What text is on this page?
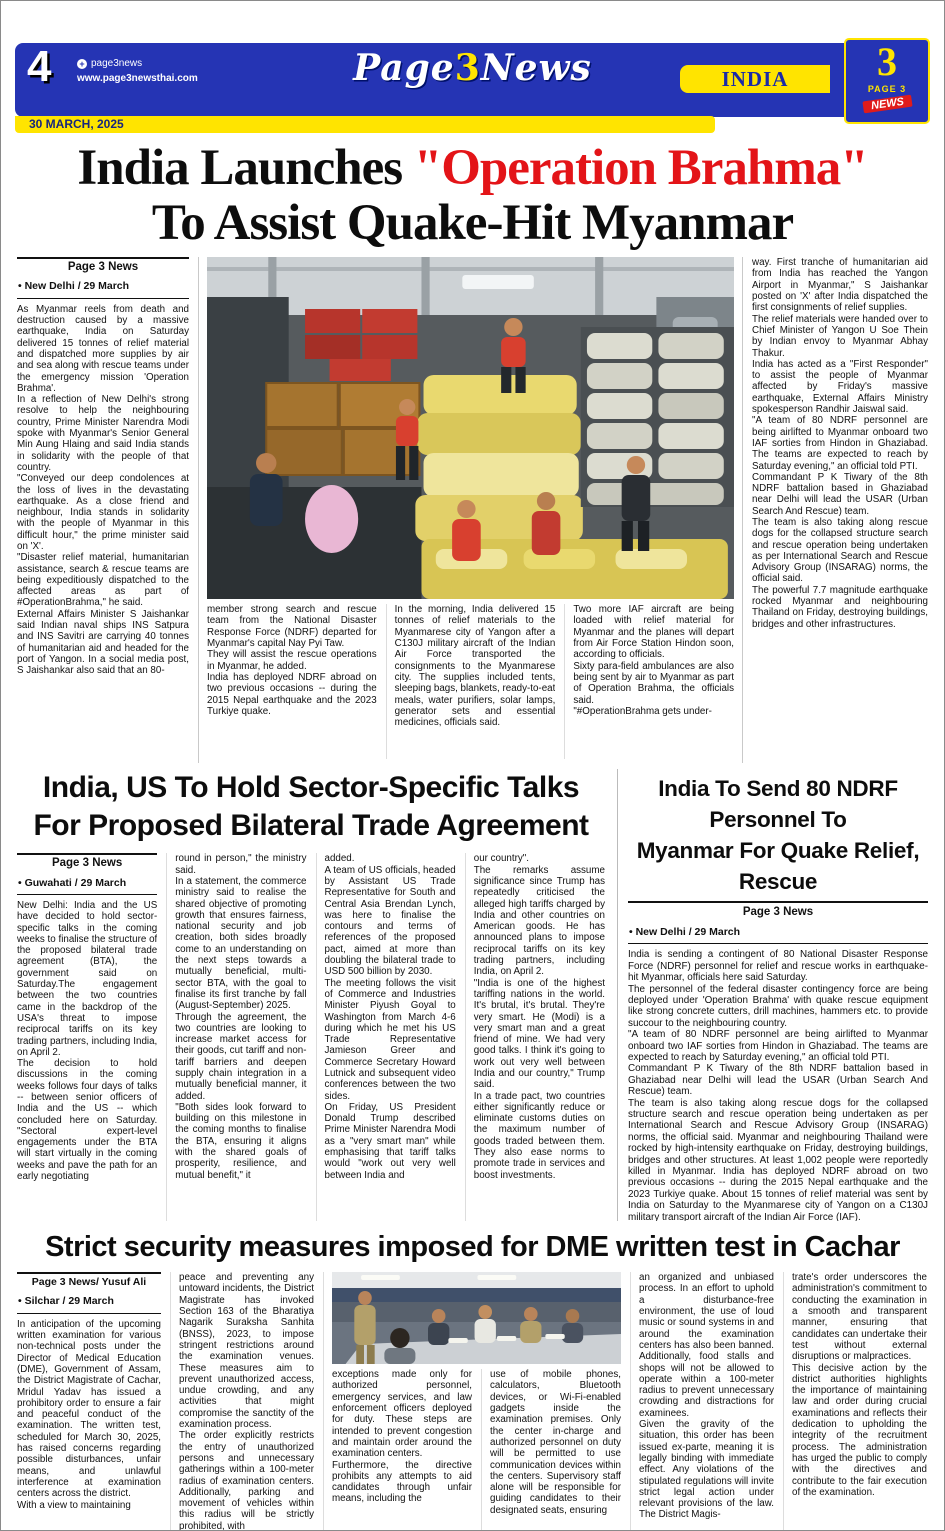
4	+ page3news
www.page3newsthai.com	Page3News	INDIA	3
PAGE 3
NEWS
30 MARCH, 2025
India Launches "Operation Brahma"
To Assist Quake-Hit Myanmar
Page 3 News
• New Delhi / 29 March

As Myanmar reels from death and destruction caused by a massive earthquake, India on Saturday delivered 15 tonnes of relief material and dispatched more supplies by air and sea along with rescue teams under the emergency mission 'Operation Brahma'.

In a reflection of New Delhi's strong resolve to help the neighbouring country, Prime Minister Narendra Modi spoke with Myanmar's Senior General Min Aung Hlaing and said India stands in solidarity with the people of that country.

"Conveyed our deep condolences at the loss of lives in the devastating earthquake. As a close friend and neighbour, India stands in solidarity with the people of Myanmar in this difficult hour," the prime minister said on 'X'.

"Disaster relief material, humanitarian assistance, search & rescue teams are being expeditiously dispatched to the affected areas as part of #OperationBrahma," he said.

External Affairs Minister S Jaishankar said Indian naval ships INS Satpura and INS Savitri are carrying 40 tonnes of humanitarian aid and headed for the port of Yangon. In a social media post, S Jaishankar also said that an 80-

member strong search and rescue team from the National Disaster Response Force (NDRF) departed for Myanmar's capital Nay Pyi Taw.

They will assist the rescue operations in Myanmar, he added.

India has deployed NDRF abroad on two previous occasions -- during the 2015 Nepal earthquake and the 2023 Turkiye quake.

In the morning, India delivered 15 tonnes of relief materials to the Myanmarese city of Yangon after a C130J military aircraft of the Indian Air Force transported the consignments to the Myanmarese city. The supplies included tents, sleeping bags, blankets, ready-to-eat meals, water purifiers, solar lamps, generator sets and essential medicines, officials said.

Two more IAF aircraft are being loaded with relief material for Myanmar and the planes will depart from Air Force Station Hindon soon, according to officials.

Sixty para-field ambulances are also being sent by air to Myanmar as part of Operation Brahma, the officials said.

"#OperationBrahma gets under-

way. First tranche of humanitarian aid from India has reached the Yangon Airport in Myanmar," S Jaishankar posted on 'X' after India dispatched the first consignments of relief supplies.

The relief materials were handed over to Chief Minister of Yangon U Soe Thein by Indian envoy to Myanmar Abhay Thakur.

India has acted as a "First Responder" to assist the people of Myanmar affected by Friday's massive earthquake, External Affairs Ministry spokesperson Randhir Jaiswal said.

"A team of 80 NDRF personnel are being airlifted to Myanmar onboard two IAF sorties from Hindon in Ghaziabad. The teams are expected to reach by Saturday evening," an official told PTI.

Commandant P K Tiwary of the 8th NDRF battalion based in Ghaziabad near Delhi will lead the USAR (Urban Search And Rescue) team.

The team is also taking along rescue dogs for the collapsed structure search and rescue operation being undertaken as per International Search and Rescue Advisory Group (INSARAG) norms, the official said.

The powerful 7.7 magnitude earthquake rocked Myanmar and neighbouring Thailand on Friday, destroying buildings, bridges and other infrastructures.

India, US To Hold Sector-Specific Talks
For Proposed Bilateral Trade Agreement
Page 3 News
• Guwahati / 29 March

New Delhi: India and the US have decided to hold sector-specific talks in the coming weeks to finalise the structure of the proposed bilateral trade agreement (BTA), the government said on Saturday.The engagement between the two countries came in the backdrop of the USA's threat to impose reciprocal tariffs on its key trading partners, including India, on April 2.

The decision to hold discussions in the coming weeks follows four days of talks -- between senior officers of India and the US -- which concluded here on Saturday. "Sectoral expert-level engagements under the BTA will start virtually in the coming weeks and pave the path for an early negotiating

round in person," the ministry said.

In a statement, the commerce ministry said to realise the shared objective of promoting growth that ensures fairness, national security and job creation, both sides broadly come to an understanding on the next steps towards a mutually beneficial, multi-sector BTA, with the goal to finalise its first tranche by fall (August-September) 2025.

Through the agreement, the two countries are looking to increase market access for their goods, cut tariff and non-tariff barriers and deepen supply chain integration in a mutually beneficial manner, it added.

"Both sides look forward to building on this milestone in the coming months to finalise the BTA, ensuring it aligns with the shared goals of prosperity, resilience, and mutual benefit," it

added.

A team of US officials, headed by Assistant US Trade Representative for South and Central Asia Brendan Lynch, was here to finalise the contours and terms of references of the proposed pact, aimed at more than doubling the bilateral trade to USD 500 billion by 2030.

The meeting follows the visit of Commerce and Industries Minister Piyush Goyal to Washington from March 4-6 during which he met his US Trade Representative Jamieson Greer and Commerce Secretary Howard Lutnick and subsequent video conferences between the two sides.

On Friday, US President Donald Trump described Prime Minister Narendra Modi as a "very smart man" while emphasising that tariff talks would "work out very well between India and

our country".

The remarks assume significance since Trump has repeatedly criticised the alleged high tariffs charged by India and other countries on American goods. He has announced plans to impose reciprocal tariffs on its key trading partners, including India, on April 2.

"India is one of the highest tariffing nations in the world. It's brutal, it's brutal. They're very smart. He (Modi) is a very smart man and a great friend of mine. We had very good talks. I think it's going to work out very well between India and our country," Trump said.

In a trade pact, two countries either significantly reduce or eliminate customs duties on the maximum number of goods traded between them. They also ease norms to promote trade in services and boost investments.

India To Send 80 NDRF Personnel To
Myanmar For Quake Relief, Rescue
Page 3 News
• New Delhi / 29 March

India is sending a contingent of 80 National Disaster Response Force (NDRF) personnel for relief and rescue works in earthquake-hit Myanmar, officials here said Saturday.

The personnel of the federal disaster contingency force are being deployed under 'Operation Brahma' with quake rescue equipment like strong concrete cutters, drill machines, hammers etc. to provide succour to the neighbouring country.

"A team of 80 NDRF personnel are being airlifted to Myanmar onboard two IAF sorties from Hindon in Ghaziabad. The teams are expected to reach by Saturday evening," an official told PTI.

Commandant P K Tiwary of the 8th NDRF battalion based in Ghaziabad near Delhi will lead the USAR (Urban Search And Rescue) team.

The team is also taking along rescue dogs for the collapsed structure search and rescue operation being undertaken as per International Search and Rescue Advisory Group (INSARAG) norms, the official said. Myanmar and neighbouring Thailand were rocked by high-intensity earthquake on Friday, destroying buildings, bridges and other structures. At least 1,002 people were reportedly killed in Myanmar. India has deployed NDRF abroad on two previous occasions -- during the 2015 Nepal earthquake and the 2023 Turkiye quake. About 15 tonnes of relief material was sent by India on Saturday to the Myanmarese city of Yangon on a C130J military transport aircraft of the Indian Air Force (IAF).

Strict security measures imposed for DME written test in Cachar
Page 3 News/ Yusuf Ali
• Silchar / 29 March

In anticipation of the upcoming written examination for various non-technical posts under the Director of Medical Education (DME), Government of Assam, the District Magistrate of Cachar, Mridul Yadav has issued a prohibitory order to ensure a fair and peaceful conduct of the examination. The written test, scheduled for March 30, 2025, has raised concerns regarding possible disturbances, unfair means, and unlawful interference at examination centers across the district.

With a view to maintaining

peace and preventing any untoward incidents, the District Magistrate has invoked Section 163 of the Bharatiya Nagarik Suraksha Sanhita (BNSS), 2023, to impose stringent restrictions around the examination venues. These measures aim to prevent unauthorized access, undue crowding, and any activities that might compromise the sanctity of the examination process.

The order explicitly restricts the entry of unauthorized persons and unnecessary gatherings within a 100-meter radius of examination centers. Additionally, parking and movement of vehicles within this radius will be strictly prohibited, with

exceptions made only for authorized personnel, emergency services, and law enforcement officers deployed for duty. These steps are intended to prevent congestion and maintain order around the examination centers.

Furthermore, the directive prohibits any attempts to aid candidates through unfair means, including the

use of mobile phones, calculators, Bluetooth devices, or Wi-Fi-enabled gadgets inside the examination premises. Only the center in-charge and authorized personnel on duty will be permitted to use communication devices within the centers. Supervisory staff alone will be responsible for guiding candidates to their designated seats, ensuring

an organized and unbiased process. In an effort to uphold a disturbance-free environment, the use of loud music or sound systems in and around the examination centers has also been banned. Additionally, food stalls and shops will not be allowed to operate within a 100-meter radius to prevent unnecessary crowding and distractions for examinees.

Given the gravity of the situation, this order has been issued ex-parte, meaning it is legally binding with immediate effect. Any violations of the stipulated regulations will invite strict legal action under relevant provisions of the law. The District Magis-

trate's order underscores the administration's commitment to conducting the examination in a smooth and transparent manner, ensuring that candidates can undertake their test without external disruptions or malpractices.

This decisive action by the district authorities highlights the importance of maintaining law and order during crucial examinations and reflects their dedication to upholding the integrity of the recruitment process. The administration has urged the public to comply with the directives and contribute to the fair execution of the examination.
